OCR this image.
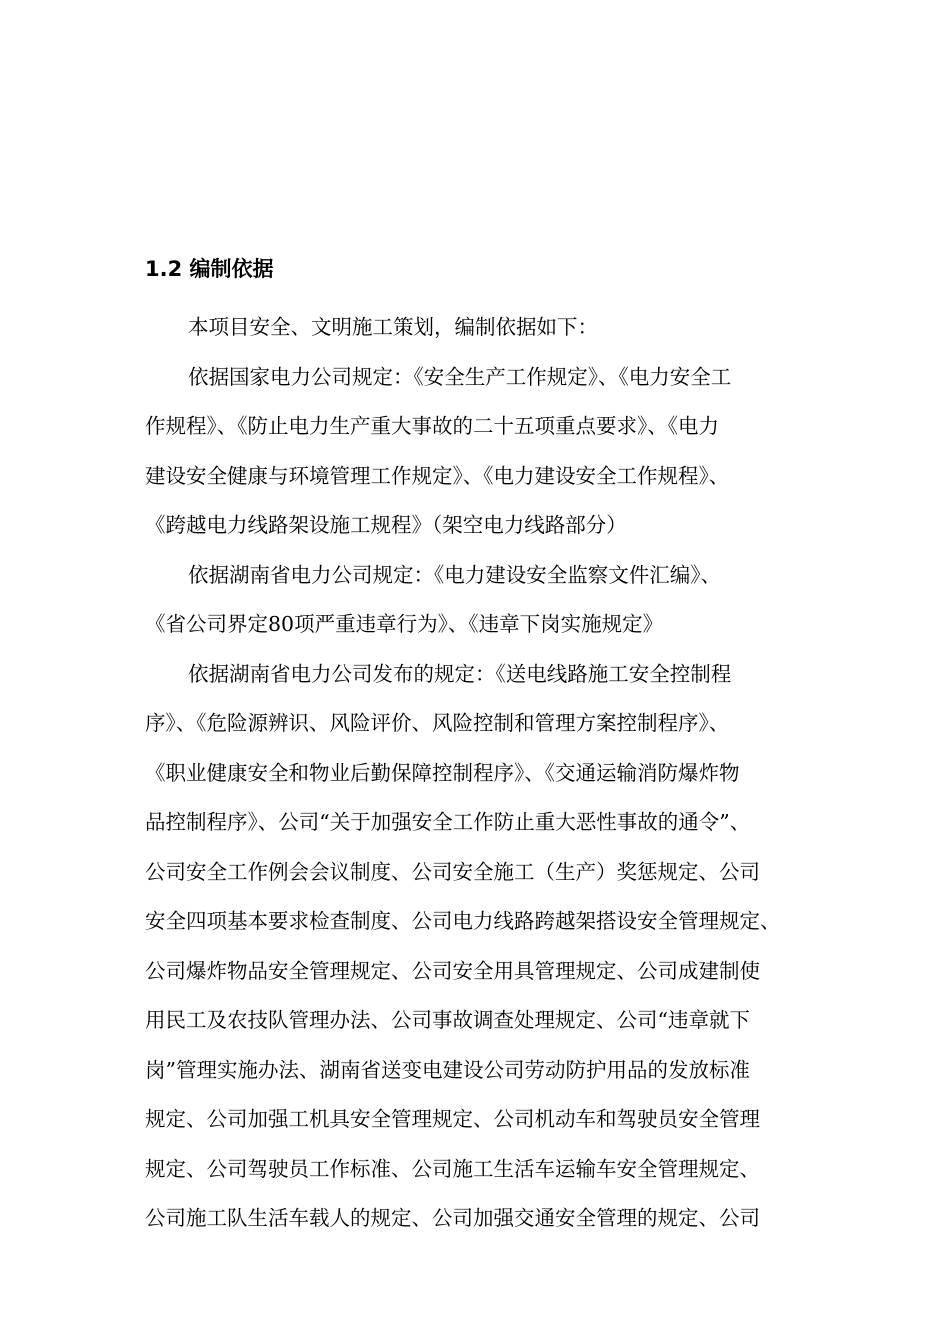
1.2 编制依据
本项目安全、文明施工策划，编制依据如下：
依据国家电力公司规定：《安全生产工作规定》、《电力安全工
作规程》、《防止电力生产重大事故的二十五项重点要求》、《电力
建设安全健康与环境管理工作规定》、《电力建设安全工作规程》、
《跨越电力线路架设施工规程》（架空电力线路部分）
依据湖南省电力公司规定：《电力建设安全监察文件汇编》、
《省公司界定80项严重违章行为》、《违章下岗实施规定》
依据湖南省电力公司发布的规定：《送电线路施工安全控制程
序》、《危险源辨识、风险评价、风险控制和管理方案控制程序》、
《职业健康安全和物业后勤保障控制程序》、《交通运输消防爆炸物
品控制程序》、公司“关于加强安全工作防止重大恶性事故的通令”、
公司安全工作例会会议制度、公司安全施工（生产）奖惩规定、公司
安全四项基本要求检查制度、公司电力线路跨越架搭设安全管理规定、
公司爆炸物品安全管理规定、公司安全用具管理规定、公司成建制使
用民工及农技队管理办法、公司事故调查处理规定、公司“违章就下
岗”管理实施办法、湖南省送变电建设公司劳动防护用品的发放标准
规定、公司加强工机具安全管理规定、公司机动车和驾驶员安全管理
规定、公司驾驶员工作标准、公司施工生活车运输车安全管理规定、
公司施工队生活车载人的规定、公司加强交通安全管理的规定、公司
